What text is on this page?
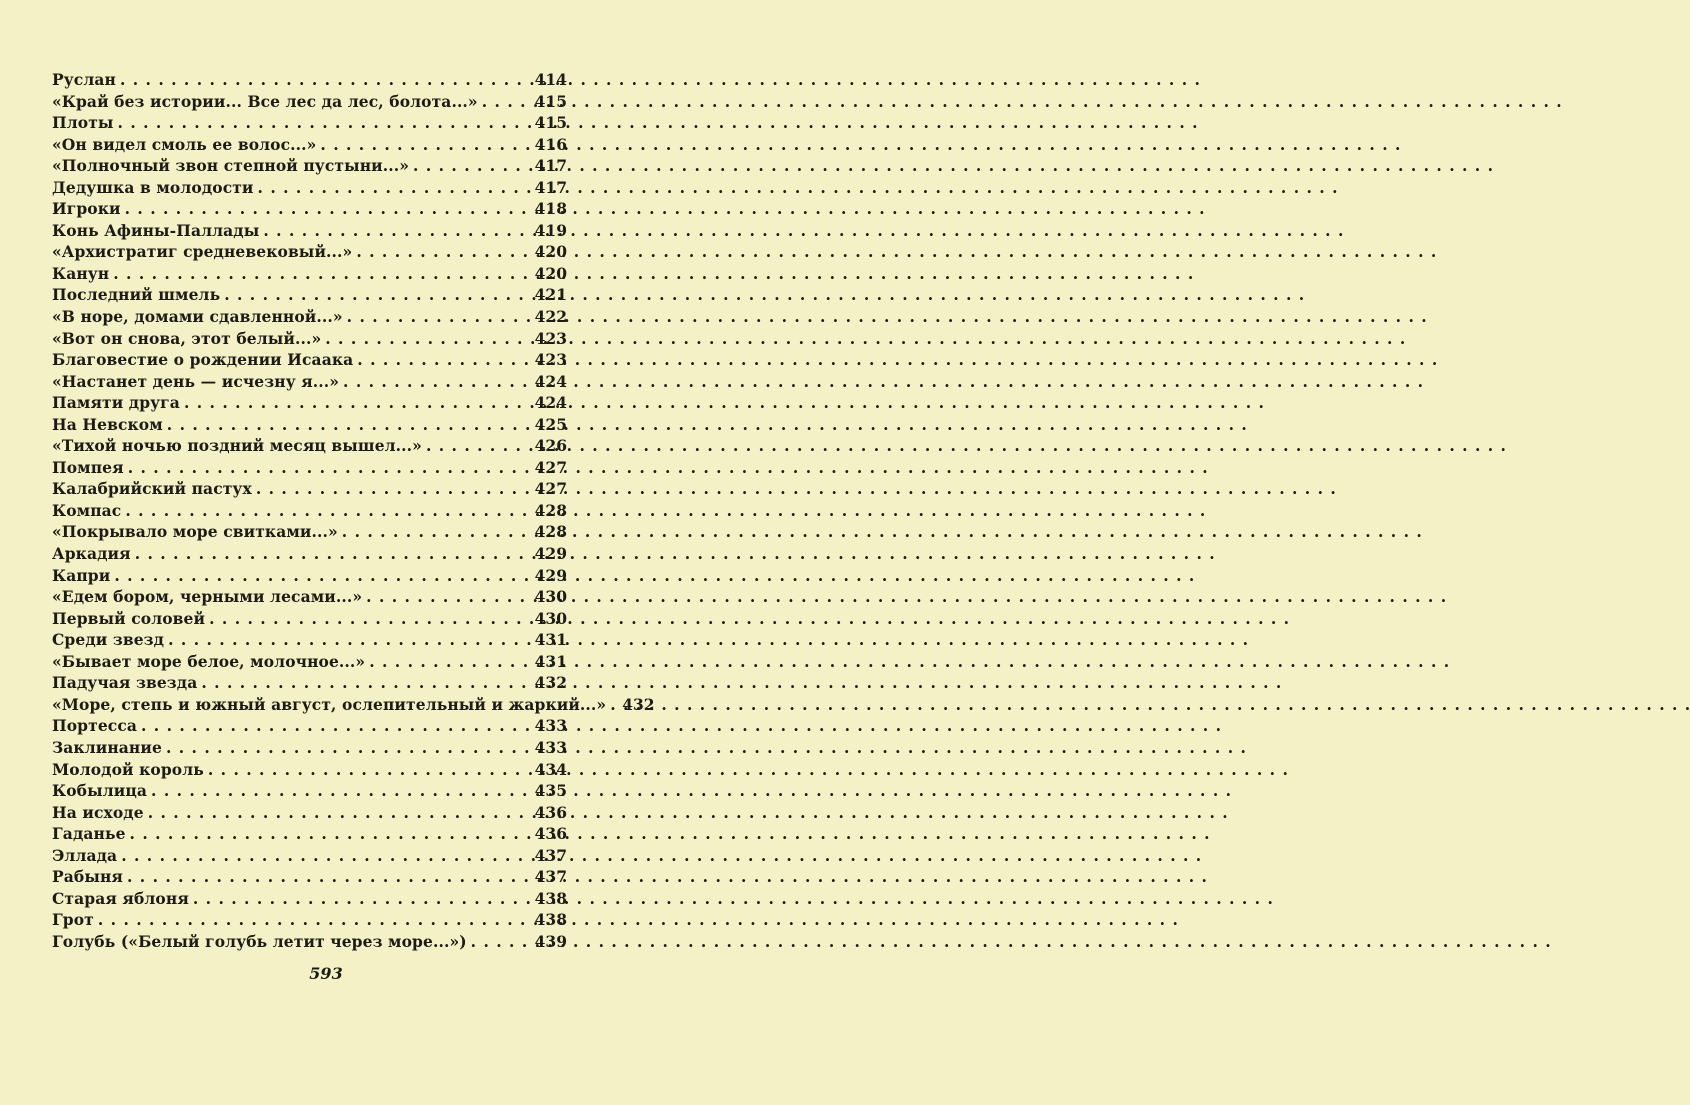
Руслан . . .	414
«Край без истории... Все лес да лес, болота...» . . .	415
Плоты . . .	415
«Он видел смоль ее волос...» . . .	416
«Полночный звон степной пустыни...» . . .	417
Дедушка в молодости . . .	417
Игроки . . .	418
Конь Афины-Паллады . . .	419
«Архистратиг средневековый...» . . .	420
Канун . . .	420
Последний шмель . . .	421
«В норе, домами сдавленной...» . . .	422
«Вот он снова, этот белый...» . . .	423
Благовестие о рождении Исаака . . .	423
«Настанет день — исчезну я...» . . .	424
Памяти друга . . .	424
На Невском . . .	425
«Тихой ночью поздний месяц вышел...» . . .	426
Помпея . . .	427
Калабрийский пастух . . .	427
Компас . . .	428
«Покрывало море свитками...» . . .	428
Аркадия . . .	429
Капри . . .	429
«Едем бором, черными лесами...» . . .	430
Первый соловей . . .	430
Среди звезд . . .	431
«Бывает море белое, молочное...» . . .	431
Падучая звезда . . .	432
«Море, степь и южный август, ослепительный и жаркий...» . . . 432
Портесса . . .	433
Заклинание . . .	433
Молодой король . . .	434
Кобылица . . .	435
На исходе . . .	436
Гаданье . . .	436
Эллада . . .	437
Рабыня . . .	437
Старая яблоня . . .	438
Грот . . .	438
Голубь («Белый голубь летит через море...») . . .	439
593
